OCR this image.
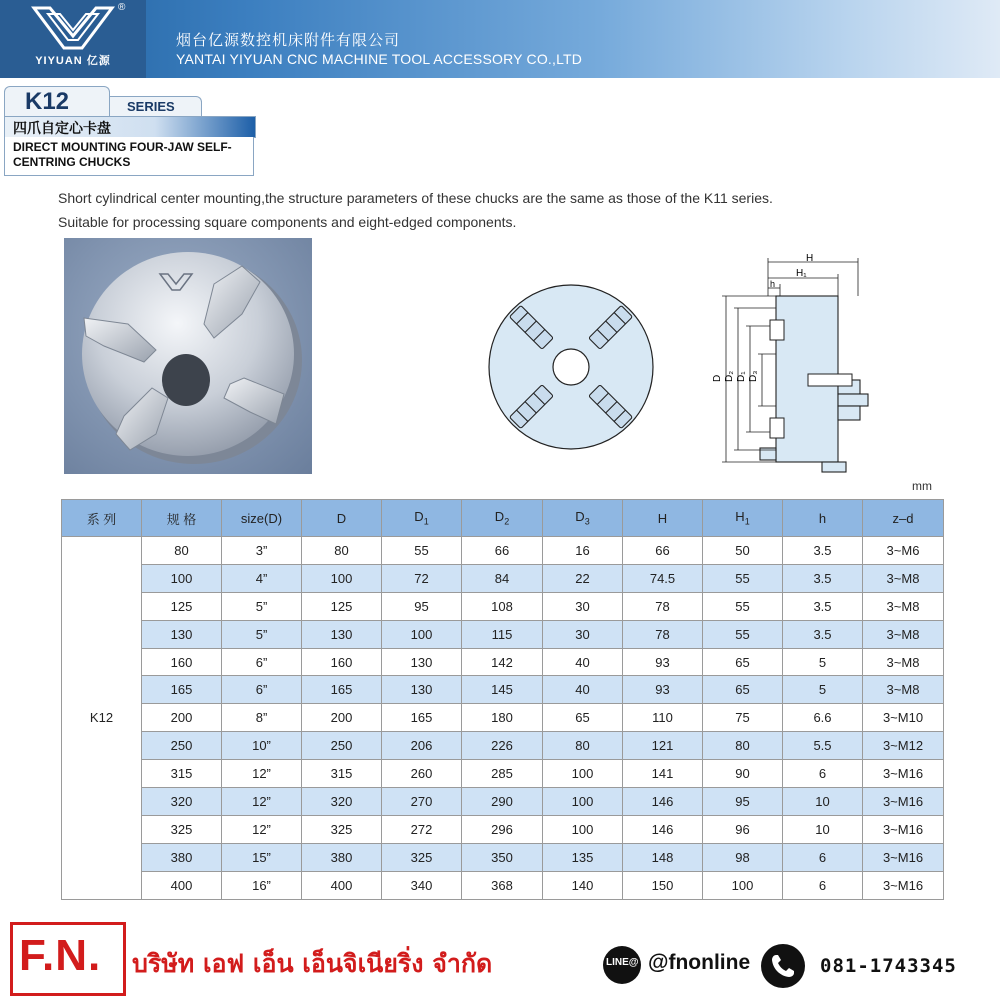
®
YIYUAN 亿源
烟台亿源数控机床附件有限公司
YANTAI YIYUAN CNC MACHINE TOOL ACCESSORY CO.,LTD
SERIES
K12
四爪自定心卡盘
DIRECT MOUNTING FOUR-JAW SELF-
CENTRING CHUCKS
Short cylindrical center mounting,the structure parameters of these chucks are the same as those of the K11 series.
Suitable for processing square components and eight-edged components.
H
H₁
h
D D₂ D₁ D₃
mm
系 列	规 格	size(D)	D	$D_1$	$D_2$	$D_3$	H	$H_1$	h	z–d
K12	80	3”	80	55	66	16	66	50	3.5	3~M6
	100	4”	100	72	84	22	74.5	55	3.5	3~M8
	125	5”	125	95	108	30	78	55	3.5	3~M8
	130	5”	130	100	115	30	78	55	3.5	3~M8
	160	6”	160	130	142	40	93	65	5	3~M8
	165	6”	165	130	145	40	93	65	5	3~M8
	200	8”	200	165	180	65	110	75	6.6	3~M10
	250	10”	250	206	226	80	121	80	5.5	3~M12
	315	12”	315	260	285	100	141	90	6	3~M16
	320	12”	320	270	290	100	146	95	10	3~M16
	325	12”	325	272	296	100	146	96	10	3~M16
	380	15”	380	325	350	135	148	98	6	3~M16
	400	16”	400	340	368	140	150	100	6	3~M16
F.N. บริษัท เอฟ เอ็น เอ็นจิเนียริ่ง จำกัด	LINE@ @fnonline	081-1743345
